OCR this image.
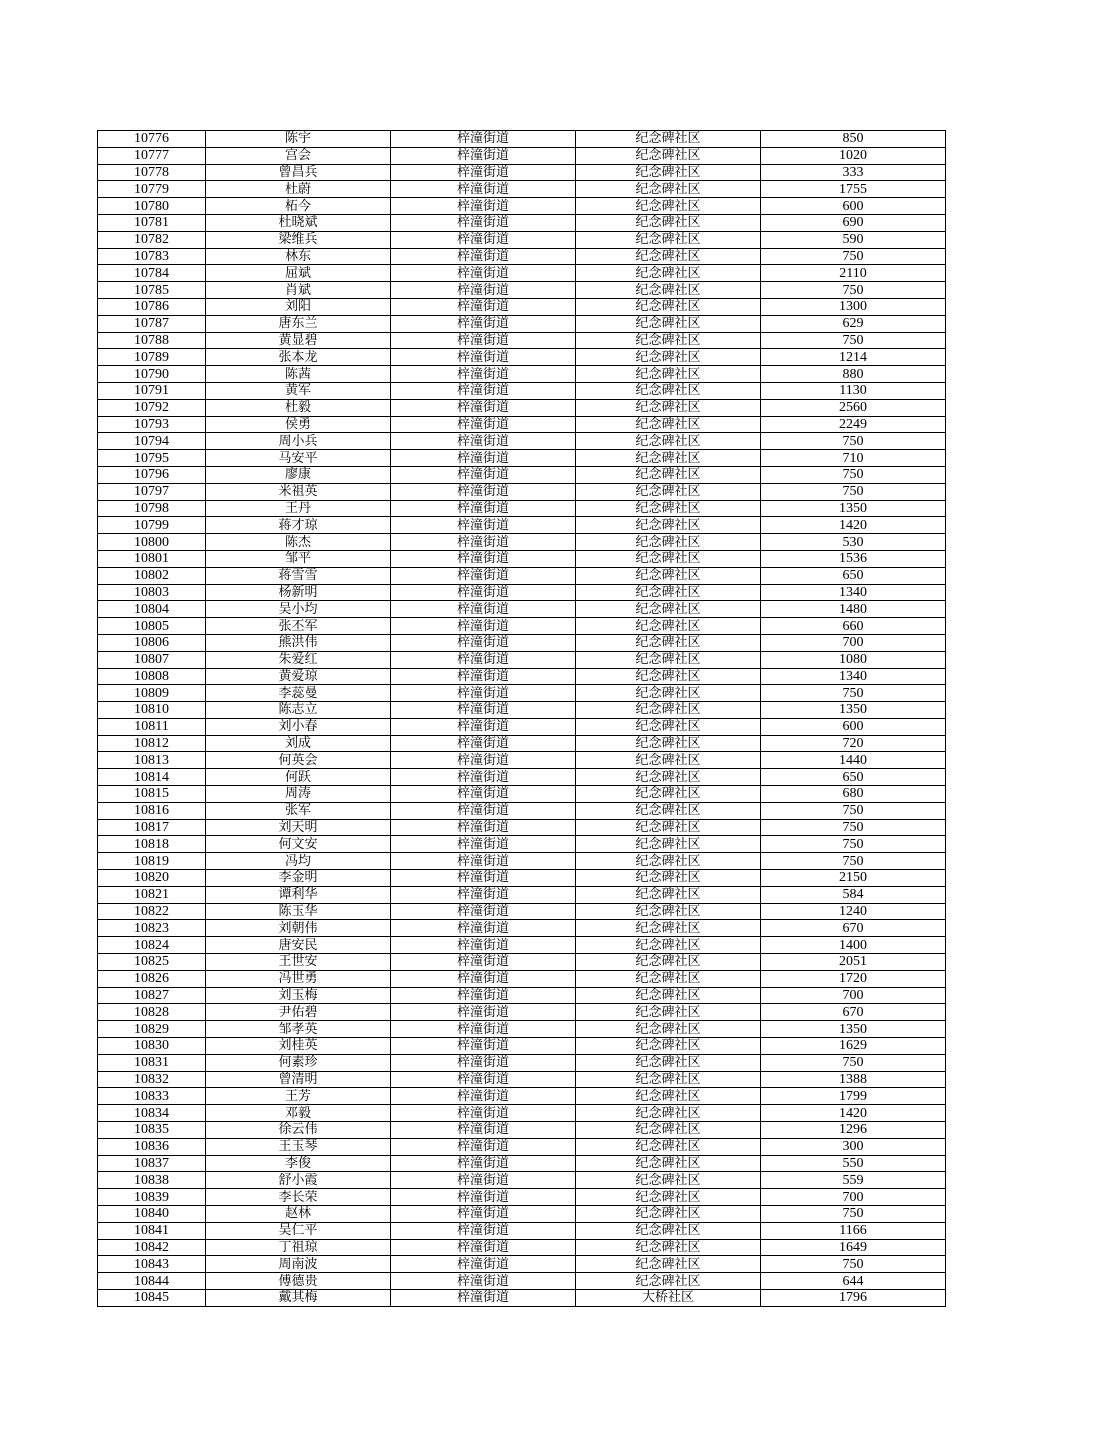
10776	陈宇	梓潼街道	纪念碑社区	850
10777	宫会	梓潼街道	纪念碑社区	1020
10778	曾昌兵	梓潼街道	纪念碑社区	333
10779	杜蔚	梓潼街道	纪念碑社区	1755
10780	柘今	梓潼街道	纪念碑社区	600
10781	杜晓斌	梓潼街道	纪念碑社区	690
10782	梁维兵	梓潼街道	纪念碑社区	590
10783	林东	梓潼街道	纪念碑社区	750
10784	屈斌	梓潼街道	纪念碑社区	2110
10785	肖斌	梓潼街道	纪念碑社区	750
10786	刘阳	梓潼街道	纪念碑社区	1300
10787	唐东兰	梓潼街道	纪念碑社区	629
10788	黄显碧	梓潼街道	纪念碑社区	750
10789	张本龙	梓潼街道	纪念碑社区	1214
10790	陈茜	梓潼街道	纪念碑社区	880
10791	黄军	梓潼街道	纪念碑社区	1130
10792	杜毅	梓潼街道	纪念碑社区	2560
10793	侯勇	梓潼街道	纪念碑社区	2249
10794	周小兵	梓潼街道	纪念碑社区	750
10795	马安平	梓潼街道	纪念碑社区	710
10796	廖康	梓潼街道	纪念碑社区	750
10797	米祖英	梓潼街道	纪念碑社区	750
10798	王丹	梓潼街道	纪念碑社区	1350
10799	蒋才琼	梓潼街道	纪念碑社区	1420
10800	陈杰	梓潼街道	纪念碑社区	530
10801	邹平	梓潼街道	纪念碑社区	1536
10802	蒋雪雪	梓潼街道	纪念碑社区	650
10803	杨新明	梓潼街道	纪念碑社区	1340
10804	吴小均	梓潼街道	纪念碑社区	1480
10805	张丕军	梓潼街道	纪念碑社区	660
10806	熊洪伟	梓潼街道	纪念碑社区	700
10807	朱爱红	梓潼街道	纪念碑社区	1080
10808	黄爱琼	梓潼街道	纪念碑社区	1340
10809	李蕊曼	梓潼街道	纪念碑社区	750
10810	陈志立	梓潼街道	纪念碑社区	1350
10811	刘小春	梓潼街道	纪念碑社区	600
10812	刘成	梓潼街道	纪念碑社区	720
10813	何英会	梓潼街道	纪念碑社区	1440
10814	何跃	梓潼街道	纪念碑社区	650
10815	周涛	梓潼街道	纪念碑社区	680
10816	张军	梓潼街道	纪念碑社区	750
10817	刘天明	梓潼街道	纪念碑社区	750
10818	何文安	梓潼街道	纪念碑社区	750
10819	冯均	梓潼街道	纪念碑社区	750
10820	李金明	梓潼街道	纪念碑社区	2150
10821	谭利华	梓潼街道	纪念碑社区	584
10822	陈玉华	梓潼街道	纪念碑社区	1240
10823	刘朝伟	梓潼街道	纪念碑社区	670
10824	唐安民	梓潼街道	纪念碑社区	1400
10825	王世安	梓潼街道	纪念碑社区	2051
10826	冯世勇	梓潼街道	纪念碑社区	1720
10827	刘玉梅	梓潼街道	纪念碑社区	700
10828	尹佑碧	梓潼街道	纪念碑社区	670
10829	邹孝英	梓潼街道	纪念碑社区	1350
10830	刘桂英	梓潼街道	纪念碑社区	1629
10831	何素珍	梓潼街道	纪念碑社区	750
10832	曾清明	梓潼街道	纪念碑社区	1388
10833	王芳	梓潼街道	纪念碑社区	1799
10834	邓毅	梓潼街道	纪念碑社区	1420
10835	徐云伟	梓潼街道	纪念碑社区	1296
10836	王玉琴	梓潼街道	纪念碑社区	300
10837	李俊	梓潼街道	纪念碑社区	550
10838	舒小霞	梓潼街道	纪念碑社区	559
10839	李长荣	梓潼街道	纪念碑社区	700
10840	赵林	梓潼街道	纪念碑社区	750
10841	吴仁平	梓潼街道	纪念碑社区	1166
10842	丁祖琼	梓潼街道	纪念碑社区	1649
10843	周南波	梓潼街道	纪念碑社区	750
10844	傅德贵	梓潼街道	纪念碑社区	644
10845	戴其梅	梓潼街道	大桥社区	1796
